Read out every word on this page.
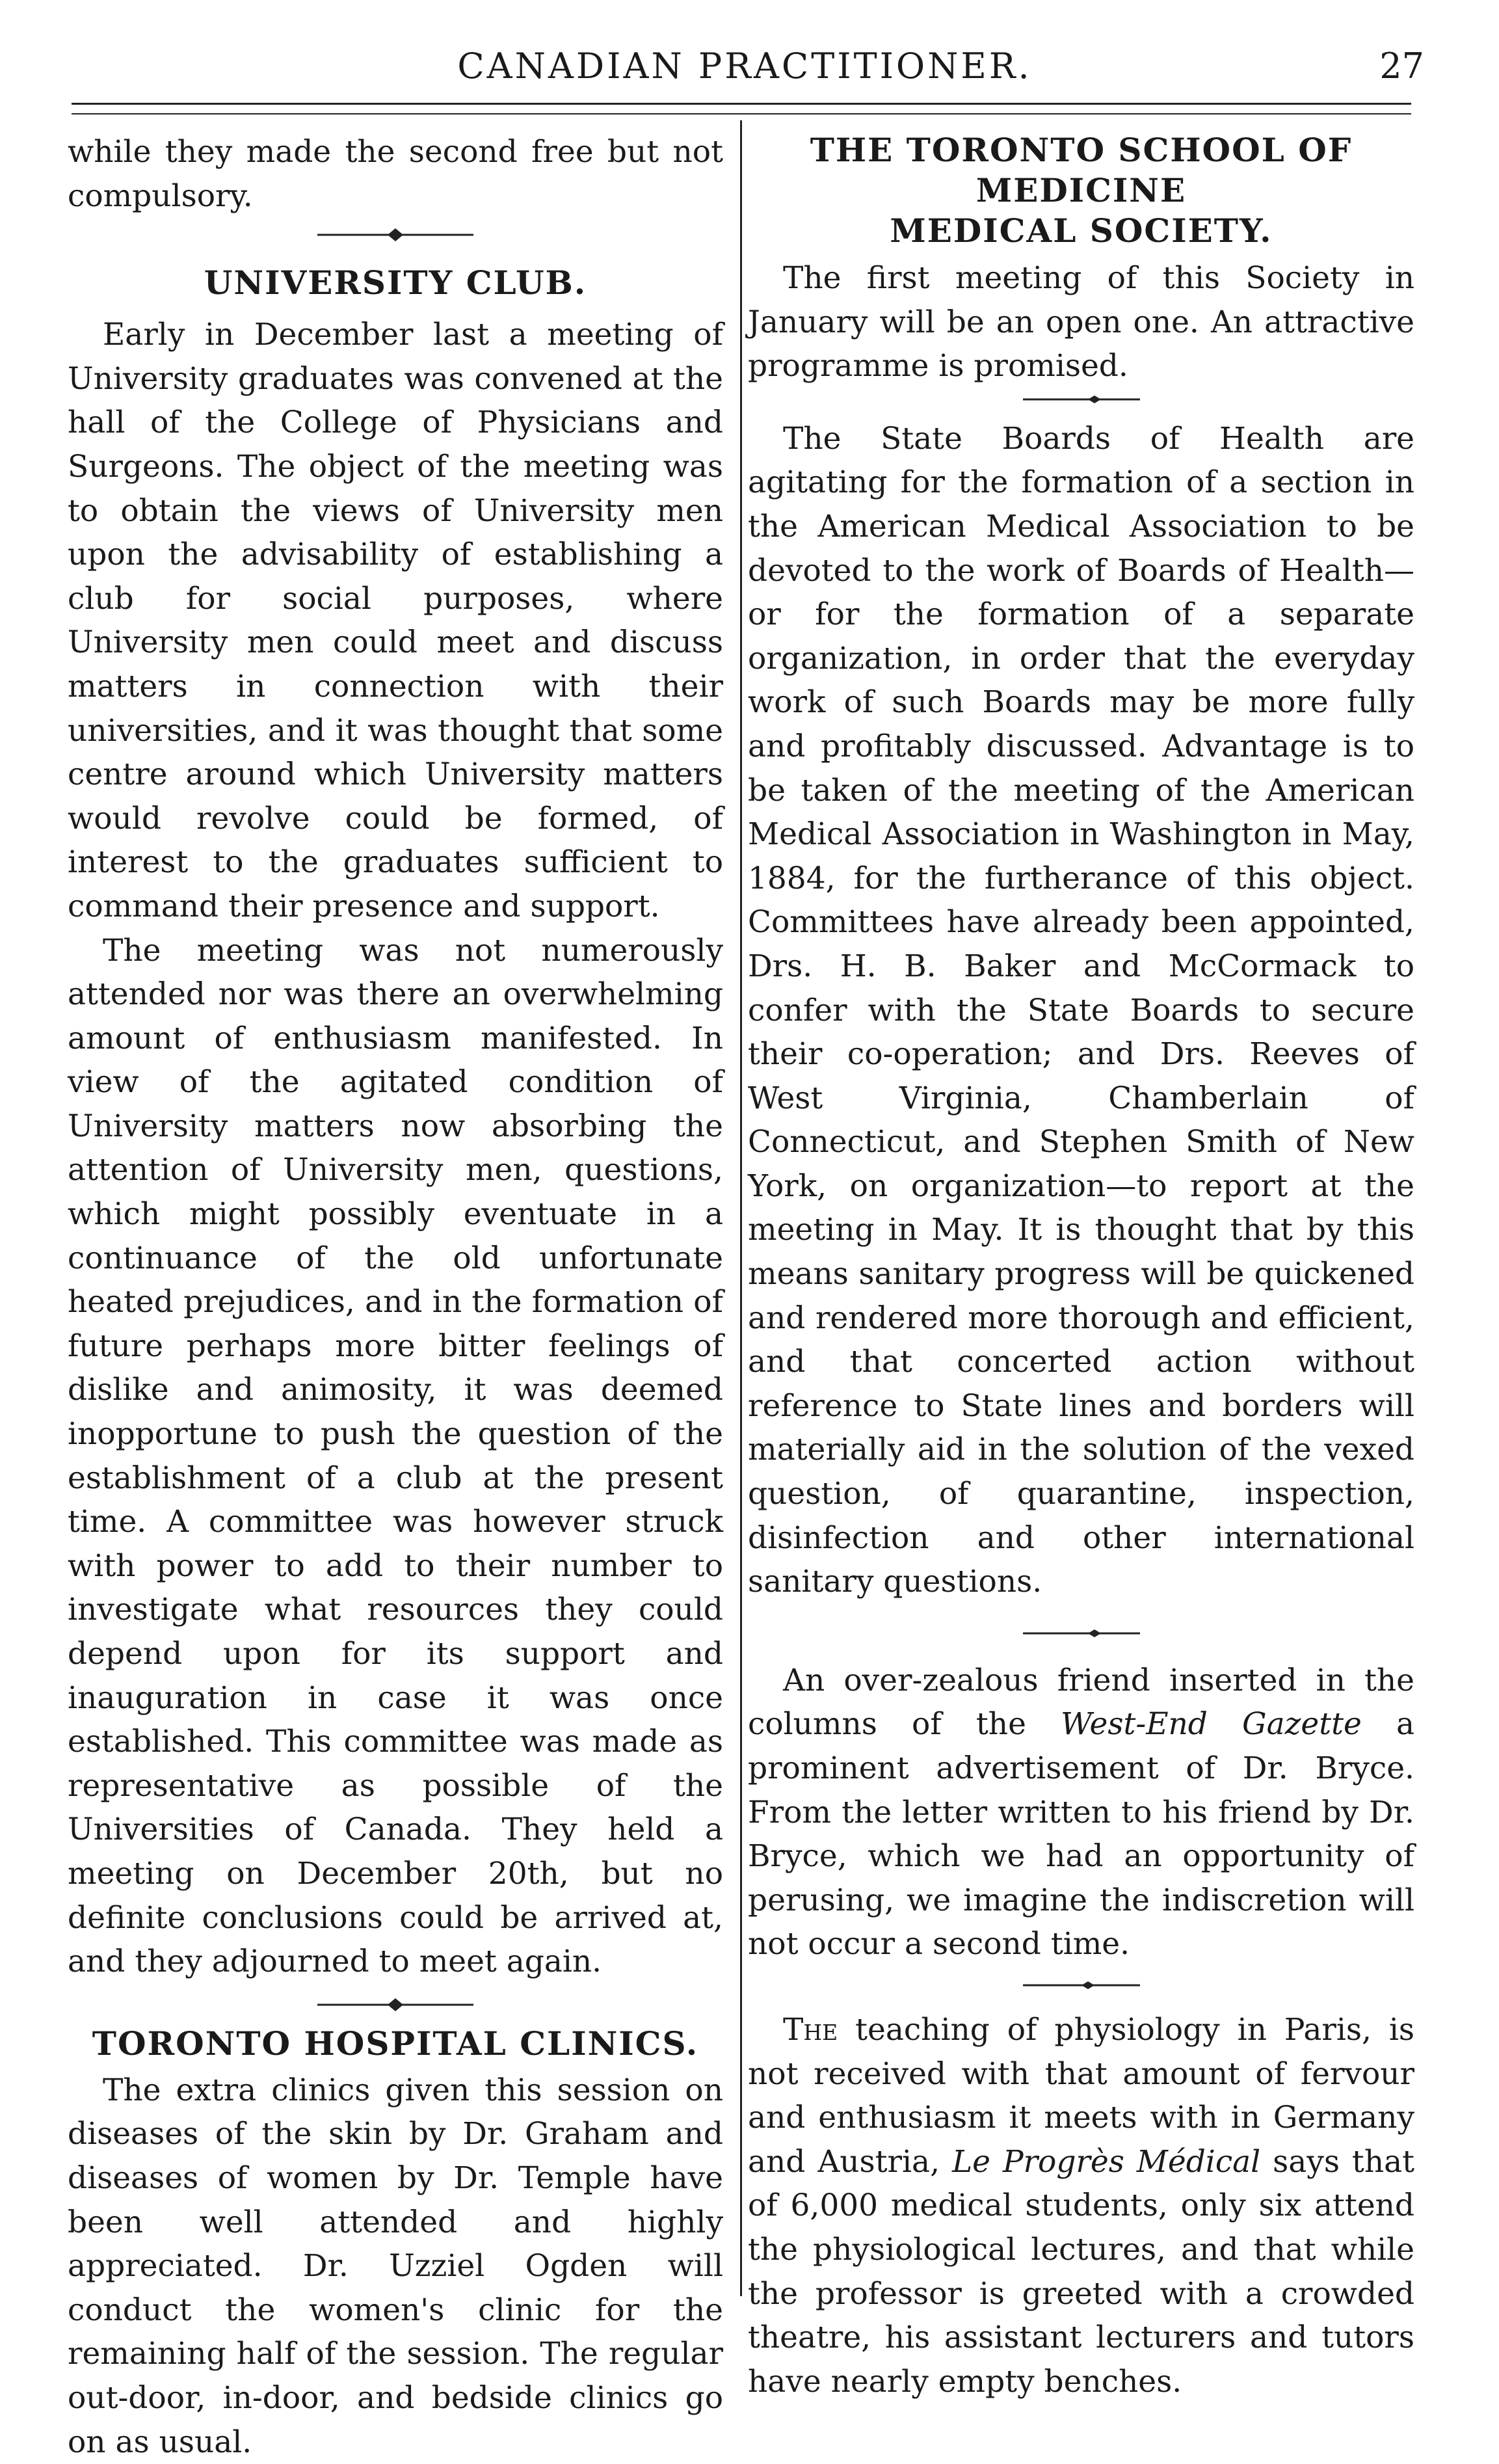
CANADIAN PRACTITIONER.	27

while they made the second free but not compulsory.

UNIVERSITY CLUB.

Early in December last a meeting of University graduates was convened at the hall of the College of Physicians and Surgeons. The object of the meeting was to obtain the views of University men upon the advisability of establishing a club for social purposes, where University men could meet and discuss matters in connection with their universities, and it was thought that some centre around which University matters would revolve could be formed, of interest to the graduates sufficient to command their presence and support.

The meeting was not numerously attended nor was there an overwhelming amount of enthusiasm manifested. In view of the agitated condition of University matters now absorbing the attention of University men, questions, which might possibly eventuate in a continuance of the old unfortunate heated prejudices, and in the formation of future perhaps more bitter feelings of dislike and animosity, it was deemed inopportune to push the question of the establishment of a club at the present time. A committee was however struck with power to add to their number to investigate what resources they could depend upon for its support and inauguration in case it was once established. This committee was made as representative as possible of the Universities of Canada. They held a meeting on December 20th, but no definite conclusions could be arrived at, and they adjourned to meet again.

TORONTO HOSPITAL CLINICS.

The extra clinics given this session on diseases of the skin by Dr. Graham and diseases of women by Dr. Temple have been well attended and highly appreciated. Dr. Uzziel Ogden will conduct the women's clinic for the remaining half of the session. The regular out-door, in-door, and bedside clinics go on as usual.

THE TORONTO SCHOOL OF MEDICINE
MEDICAL SOCIETY.

The first meeting of this Society in January will be an open one. An attractive programme is promised.

The State Boards of Health are agitating for the formation of a section in the American Medical Association to be devoted to the work of Boards of Health—or for the formation of a separate organization, in order that the everyday work of such Boards may be more fully and profitably discussed. Advantage is to be taken of the meeting of the American Medical Association in Washington in May, 1884, for the furtherance of this object. Committees have already been appointed, Drs. H. B. Baker and McCormack to confer with the State Boards to secure their co-operation; and Drs. Reeves of West Virginia, Chamberlain of Connecticut, and Stephen Smith of New York, on organization—to report at the meeting in May. It is thought that by this means sanitary progress will be quickened and rendered more thorough and efficient, and that concerted action without reference to State lines and borders will materially aid in the solution of the vexed question, of quarantine, inspection, disinfection and other international sanitary questions.

An over-zealous friend inserted in the columns of the West-End Gazette a prominent advertisement of Dr. Bryce. From the letter written to his friend by Dr. Bryce, which we had an opportunity of perusing, we imagine the indiscretion will not occur a second time.

The teaching of physiology in Paris, is not received with that amount of fervour and enthusiasm it meets with in Germany and Austria, Le Progrès Médical says that of 6,000 medical students, only six attend the physiological lectures, and that while the professor is greeted with a crowded theatre, his assistant lecturers and tutors have nearly empty benches.
